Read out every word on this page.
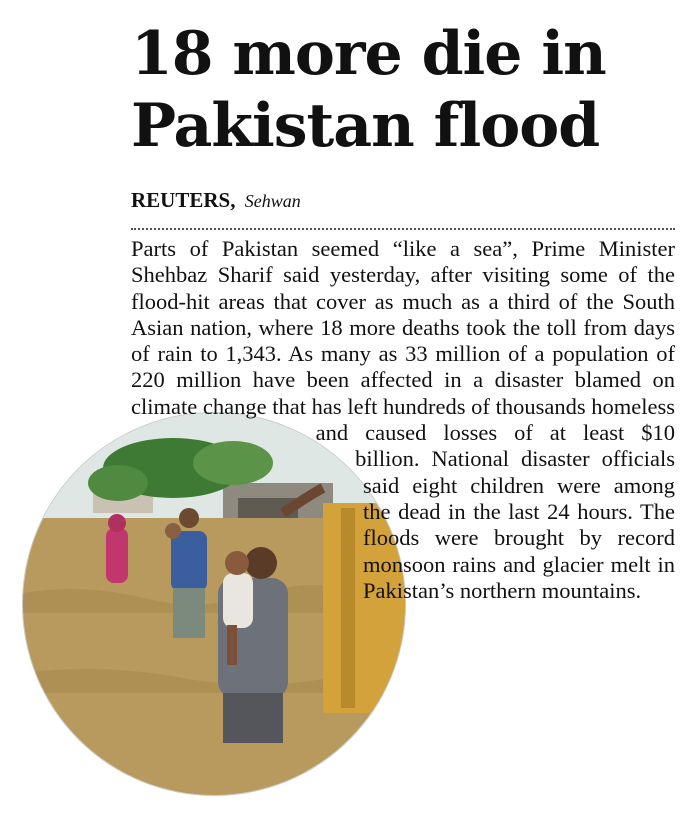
18 more die in Pakistan flood
REUTERS, Sehwan
Parts of Pakistan seemed “like a sea”, Prime Minister Shehbaz Sharif said yesterday, after visiting some of the flood-hit areas that cover as much as a third of the South Asian nation, where 18 more deaths took the toll from days of rain to 1,343. As many as 33 million of a population of 220 million have been affected in a disaster blamed on climate change that has left hundreds of thousands homeless and caused losses of at least $10 billion. National disaster officials said eight children were among the dead in the last 24 hours. The floods were brought by record monsoon rains and glacier melt in Pakistan’s northern mountains.
